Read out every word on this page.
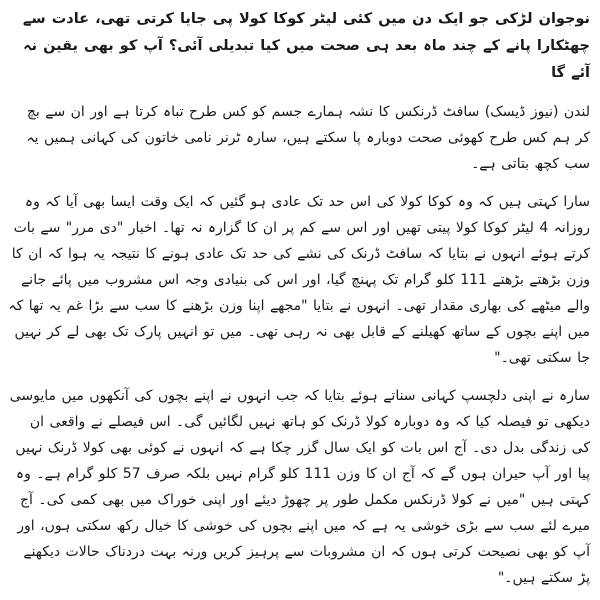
نوجوان لڑکی جو ایک دن میں کئی لیٹر کوکا کولا پی جایا کرتی تھی، عادت سے چھٹکارا پانے کے چند ماہ بعد ہی صحت میں کیا تبدیلی آئی؟ آپ کو بھی یقین نہ آئے گا

لندن (نیوز ڈیسک) سافٹ ڈرنکس کا نشہ ہمارے جسم کو کس طرح تباہ کرتا ہے اور ان سے بچ کر ہم کس طرح کھوئی صحت دوبارہ پا سکتے ہیں، سارہ ٹرنر نامی خاتون کی کہانی ہمیں یہ سب کچھ بتاتی ہے۔

سارا کہتی ہیں کہ وہ کوکا کولا کی اس حد تک عادی ہو گئیں کہ ایک وقت ایسا بھی آیا کہ وہ روزانہ 4 لیٹر کوکا کولا پیتی تھیں اور اس سے کم پر ان کا گزارہ نہ تھا۔ اخبار "دی مرر" سے بات کرتے ہوئے انہوں نے بتایا کہ سافٹ ڈرنک کی نشے کی حد تک عادی ہونے کا نتیجہ یہ ہوا کہ ان کا وزن بڑھتے بڑھتے 111 کلو گرام تک پہنچ گیا، اور اس کی بنیادی وجہ اس مشروب میں پائے جانے والے میٹھے کی بھاری مقدار تھی۔ انہوں نے بتایا "مجھے اپنا وزن بڑھنے کا سب سے بڑا غم یہ تھا کہ میں اپنے بچوں کے ساتھ کھیلنے کے قابل بھی نہ رہی تھی۔ میں تو انہیں پارک تک بھی لے کر نہیں جا سکتی تھی۔"

سارہ نے اپنی دلچسپ کہانی سناتے ہوئے بتایا کہ جب انہوں نے اپنے بچوں کی آنکھوں میں مایوسی دیکھی تو فیصلہ کیا کہ وہ دوبارہ کولا ڈرنک کو ہاتھ نہیں لگائیں گی۔ اس فیصلے نے واقعی ان کی زندگی بدل دی۔ آج اس بات کو ایک سال گزر چکا ہے کہ انہوں نے کوئی بھی کولا ڈرنک نہیں پیا اور آپ حیران ہوں گے کہ آج ان کا وزن 111 کلو گرام نہیں بلکہ صرف 57 کلو گرام ہے۔ وہ کہتی ہیں "میں نے کولا ڈرنکس مکمل طور پر چھوڑ دیئے اور اپنی خوراک میں بھی کمی کی۔ آج میرے لئے سب سے بڑی خوشی یہ ہے کہ میں اپنے بچوں کی خوشی کا خیال رکھ سکتی ہوں، اور آپ کو بھی نصیحت کرتی ہوں کہ ان مشروبات سے پرہیز کریں ورنہ بہت دردناک حالات دیکھنے پڑ سکتے ہیں۔"
